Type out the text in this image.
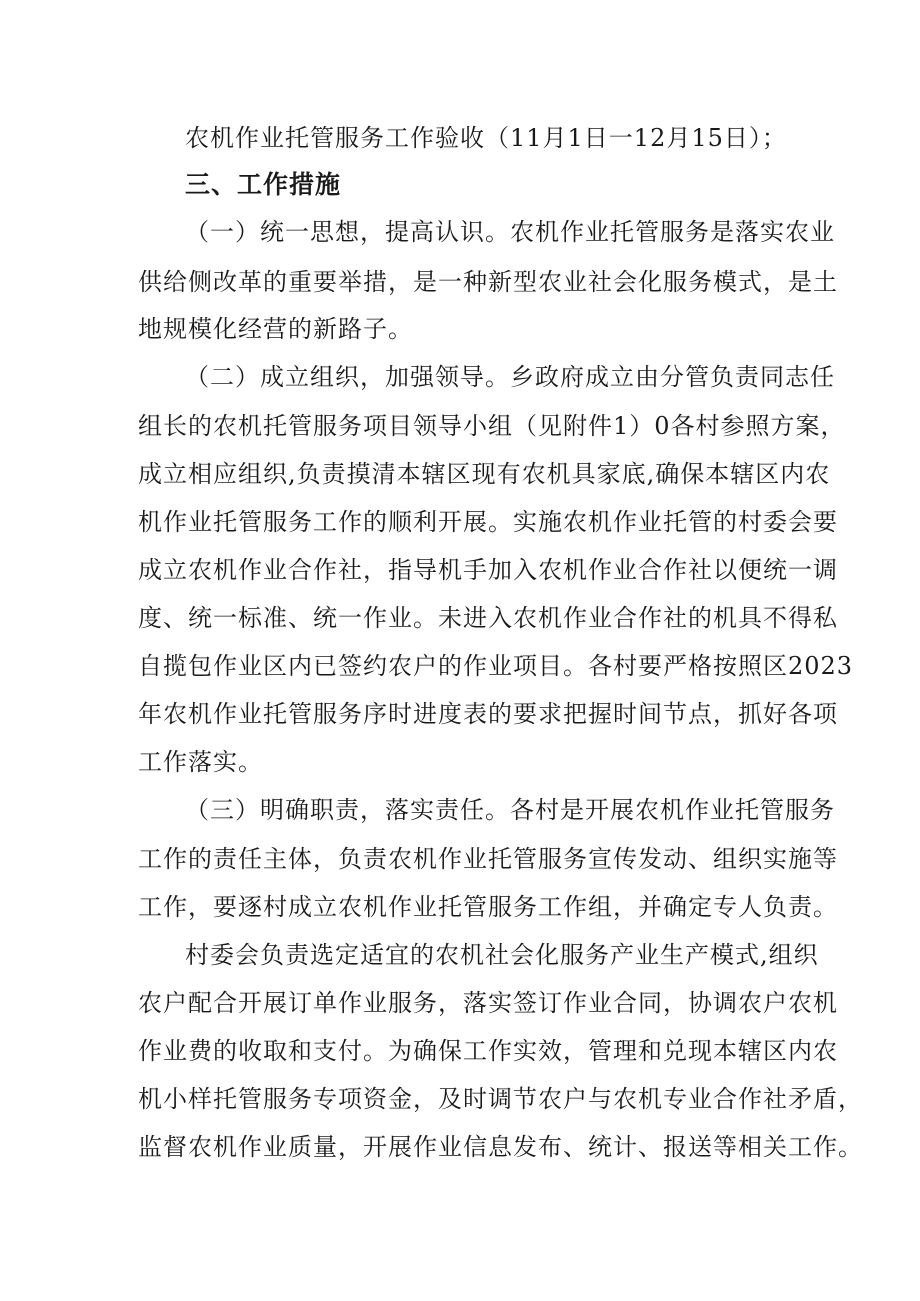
农机作业托管服务工作验收（11月1日一12月15日）；
三、工作措施
（一）统一思想，提高认识。农机作业托管服务是落实农业
供给侧改革的重要举措，是一种新型农业社会化服务模式，是土
地规模化经营的新路子。
（二）成立组织，加强领导。乡政府成立由分管负责同志任
组长的农机托管服务项目领导小组（见附件1）0各村参照方案，
成立相应组织,负责摸清本辖区现有农机具家底,确保本辖区内农
机作业托管服务工作的顺利开展。实施农机作业托管的村委会要
成立农机作业合作社，指导机手加入农机作业合作社以便统一调
度、统一标准、统一作业。未进入农机作业合作社的机具不得私
自揽包作业区内已签约农户的作业项目。各村要严格按照区2023
年农机作业托管服务序时进度表的要求把握时间节点，抓好各项
工作落实。
（三）明确职责，落实责任。各村是开展农机作业托管服务
工作的责任主体，负责农机作业托管服务宣传发动、组织实施等
工作，要逐村成立农机作业托管服务工作组，并确定专人负责。
村委会负责选定适宜的农机社会化服务产业生产模式,组织
农户配合开展订单作业服务，落实签订作业合同，协调农户农机
作业费的收取和支付。为确保工作实效，管理和兑现本辖区内农
机小样托管服务专项资金，及时调节农户与农机专业合作社矛盾，
监督农机作业质量，开展作业信息发布、统计、报送等相关工作。
